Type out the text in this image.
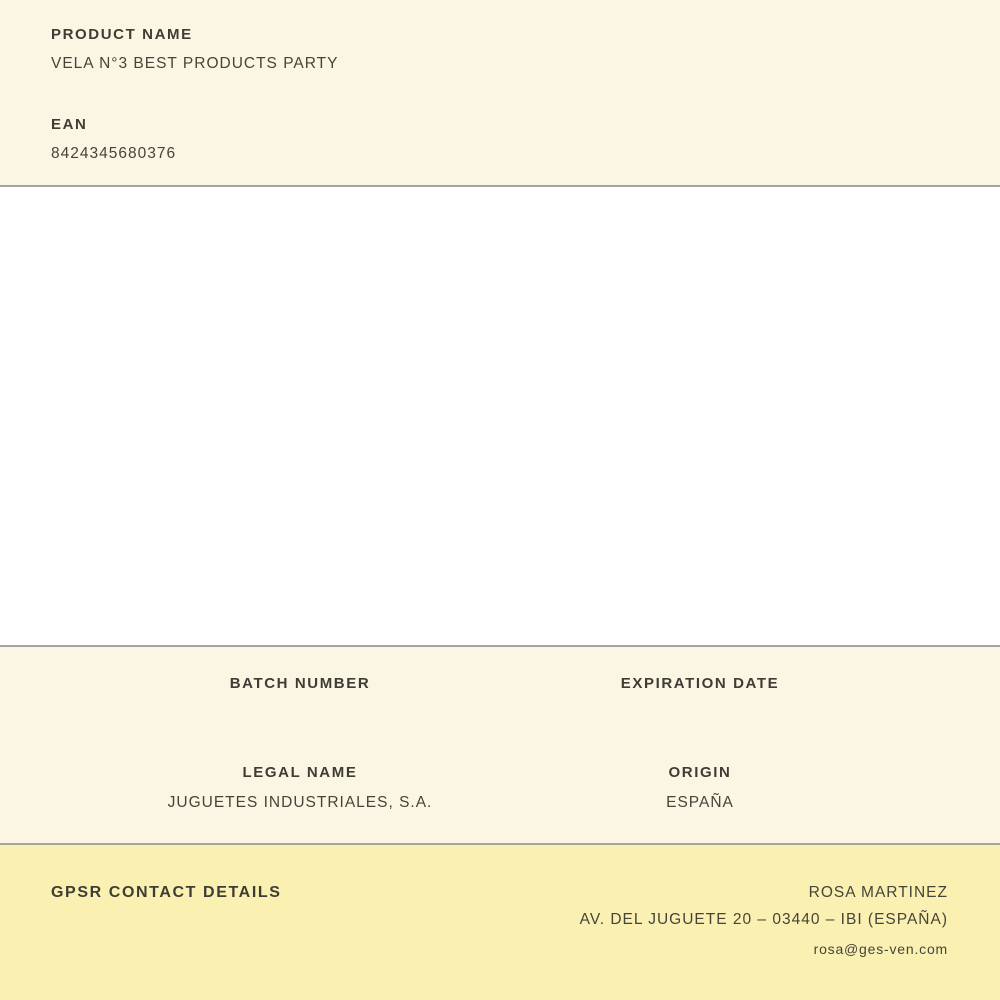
PRODUCT NAME
VELA N°3 BEST PRODUCTS PARTY
EAN
8424345680376
BATCH NUMBER	EXPIRATION DATE
LEGAL NAME
JUGUETES INDUSTRIALES, S.A.
ORIGIN
ESPAÑA
GPSR CONTACT DETAILS	ROSA MARTINEZ
AV. DEL JUGUETE 20 – 03440 – IBI (ESPAÑA)
rosa@ges-ven.com
